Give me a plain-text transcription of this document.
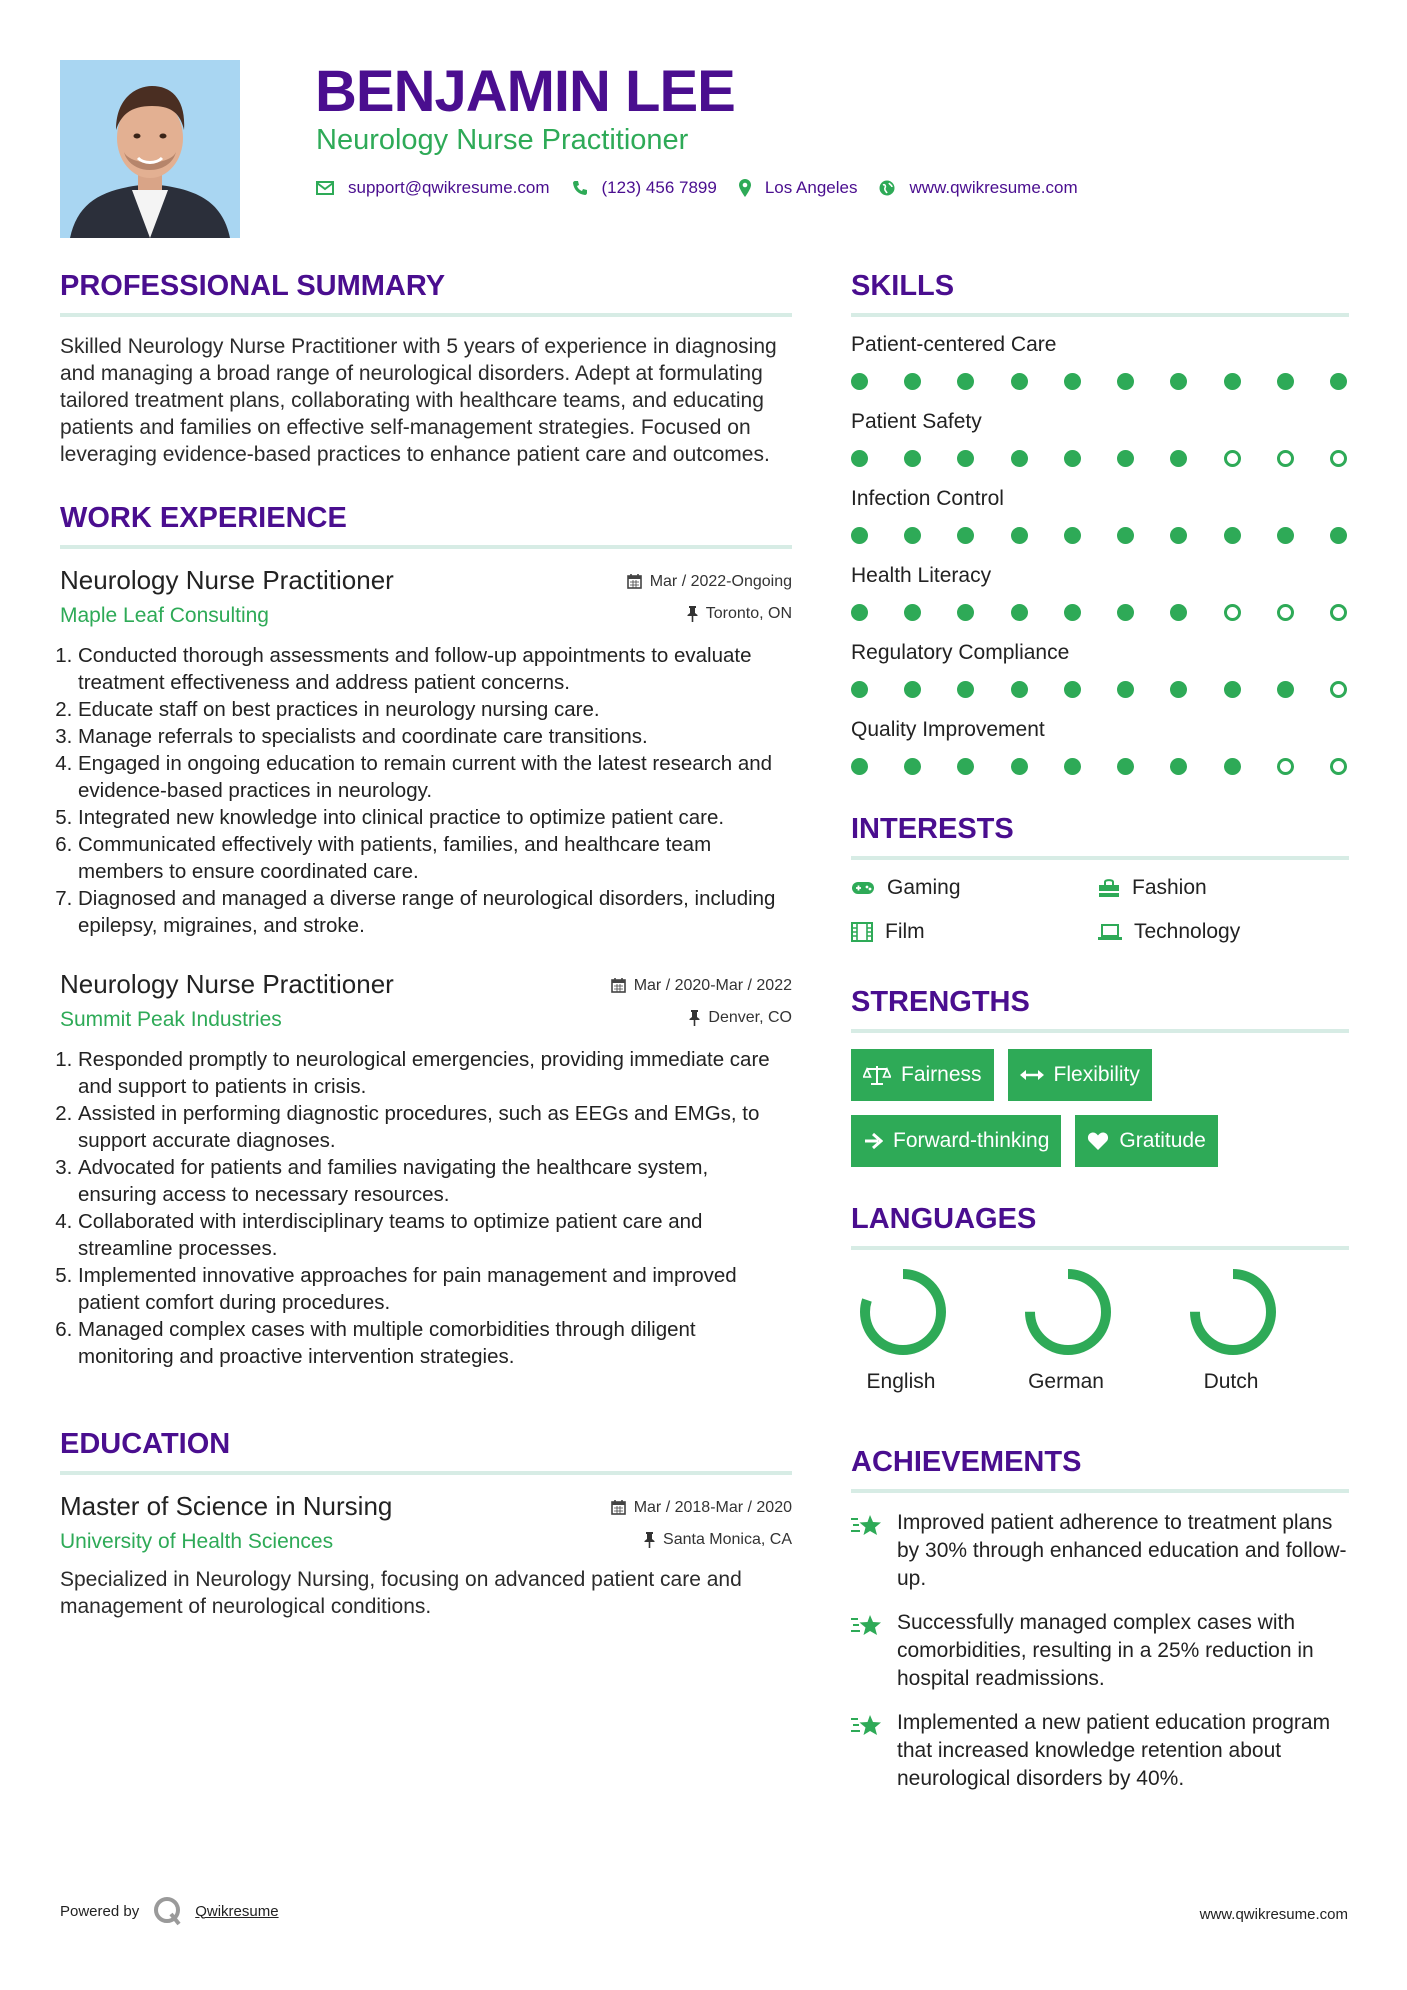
BENJAMIN LEE
Neurology Nurse Practitioner
support@qwikresume.com	(123) 456 7899	Los Angeles	www.qwikresume.com
PROFESSIONAL SUMMARY

Skilled Neurology Nurse Practitioner with 5 years of experience in diagnosing and managing a broad range of neurological disorders. Adept at formulating tailored treatment plans, collaborating with healthcare teams, and educating patients and families on effective self-management strategies. Focused on leveraging evidence-based practices to enhance patient care and outcomes.

WORK EXPERIENCE
Neurology Nurse Practitioner	Mar / 2022-Ongoing
Maple Leaf Consulting	Toronto, ON
1. Conducted thorough assessments and follow-up appointments to evaluate treatment effectiveness and address patient concerns.
2. Educate staff on best practices in neurology nursing care.
3. Manage referrals to specialists and coordinate care transitions.
4. Engaged in ongoing education to remain current with the latest research and evidence-based practices in neurology.
5. Integrated new knowledge into clinical practice to optimize patient care.
6. Communicated effectively with patients, families, and healthcare team members to ensure coordinated care.
7. Diagnosed and managed a diverse range of neurological disorders, including epilepsy, migraines, and stroke.
Neurology Nurse Practitioner	Mar / 2020-Mar / 2022
Summit Peak Industries	Denver, CO
1. Responded promptly to neurological emergencies, providing immediate care and support to patients in crisis.
2. Assisted in performing diagnostic procedures, such as EEGs and EMGs, to support accurate diagnoses.
3. Advocated for patients and families navigating the healthcare system, ensuring access to necessary resources.
4. Collaborated with interdisciplinary teams to optimize patient care and streamline processes.
5. Implemented innovative approaches for pain management and improved patient comfort during procedures.
6. Managed complex cases with multiple comorbidities through diligent monitoring and proactive intervention strategies.
EDUCATION
Master of Science in Nursing	Mar / 2018-Mar / 2020
University of Health Sciences	Santa Monica, CA

Specialized in Neurology Nursing, focusing on advanced patient care and management of neurological conditions.

SKILLS
Patient-centered Care
Patient Safety
Infection Control
Health Literacy
Regulatory Compliance
Quality Improvement
INTERESTS
Gaming	Fashion
Film	Technology
STRENGTHS
Fairness	Flexibility
Forward-thinking	Gratitude
LANGUAGES
English	German	Dutch
ACHIEVEMENTS
Improved patient adherence to treatment plans by 30% through enhanced education and follow-up.
Successfully managed complex cases with comorbidities, resulting in a 25% reduction in hospital readmissions.
Implemented a new patient education program that increased knowledge retention about neurological disorders by 40%.
Powered by	Qwikresume	www.qwikresume.com
